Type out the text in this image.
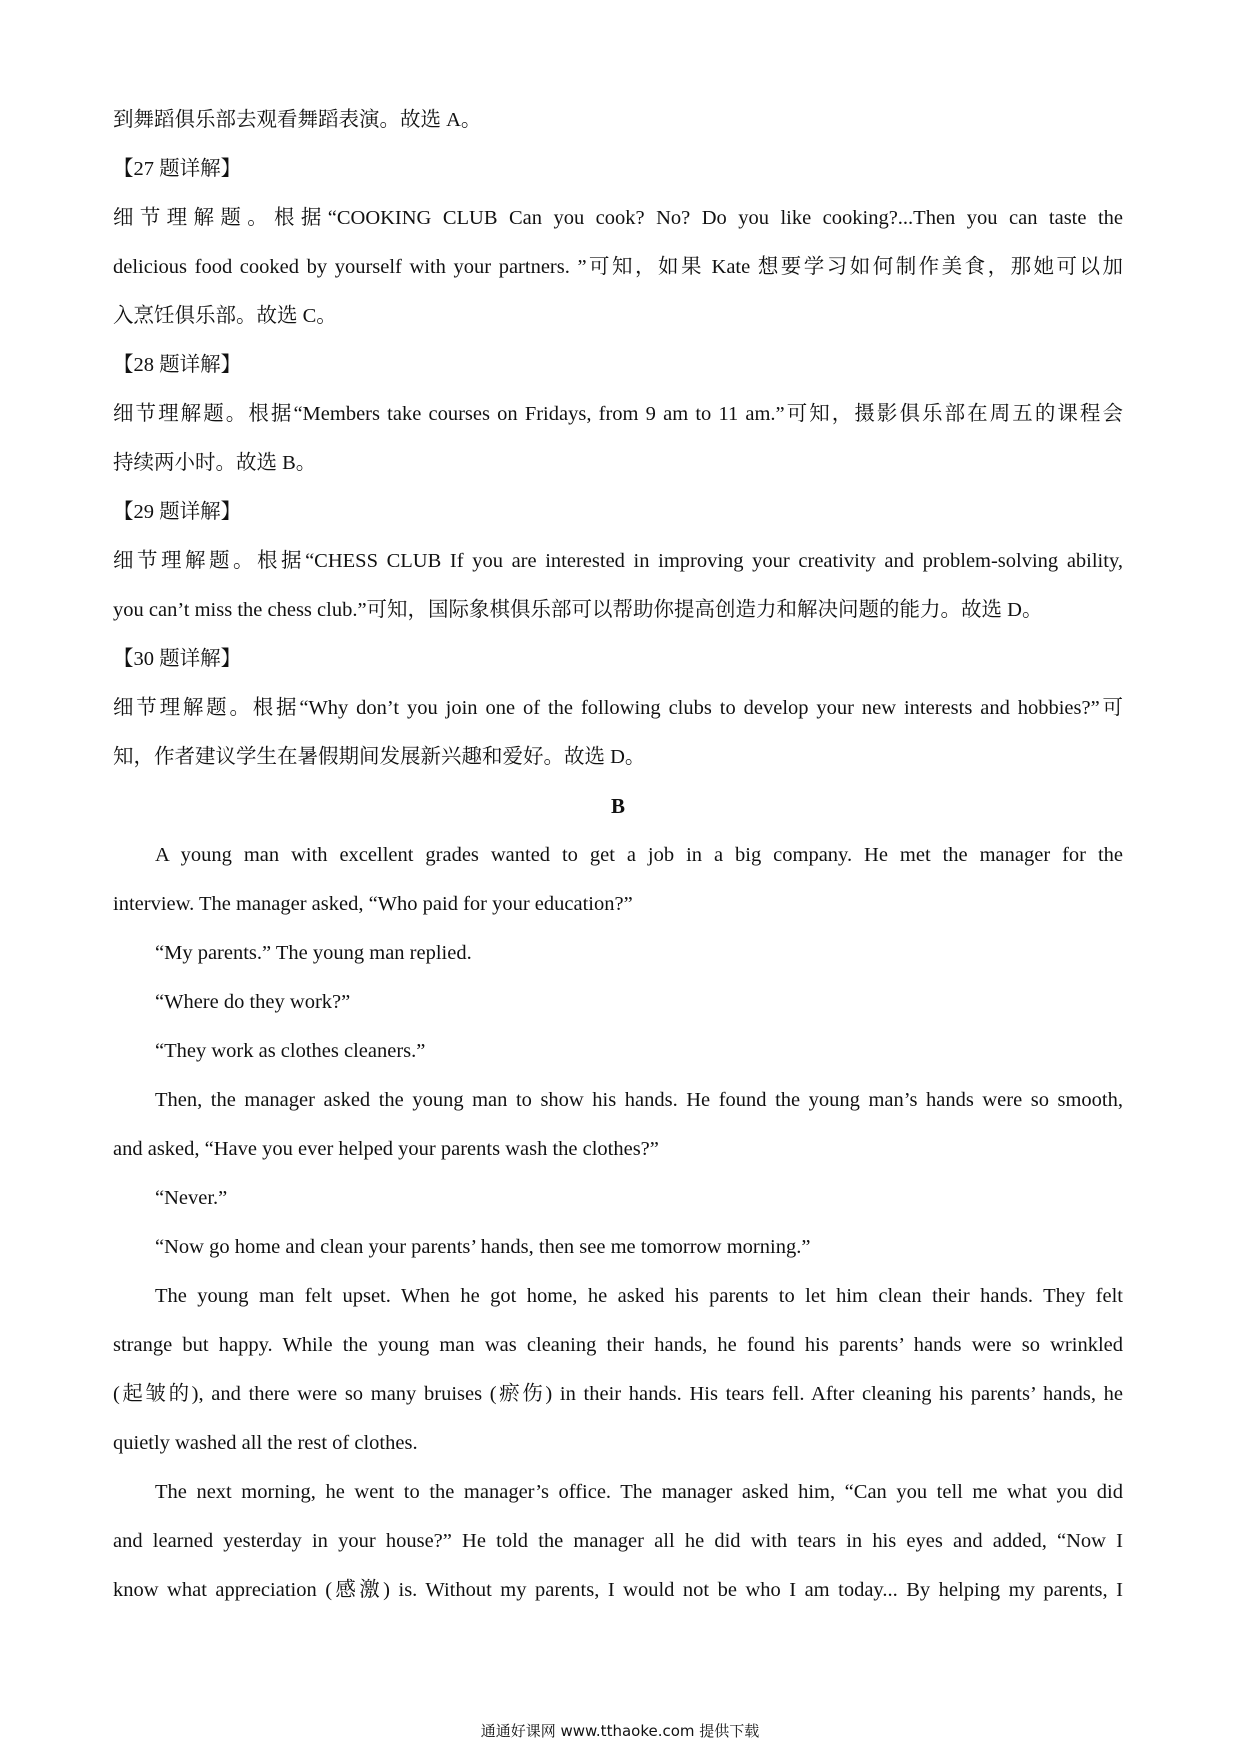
到舞蹈俱乐部去观看舞蹈表演。故选 A。

【27 题详解】

细节理解题。根据“COOKING CLUB Can you cook? No? Do you like cooking?...Then you can taste the

delicious food cooked by yourself with your partners. ”可知，如果 Kate 想要学习如何制作美食，那她可以加

入烹饪俱乐部。故选 C。

【28 题详解】

细节理解题。根据“Members take courses on Fridays, from 9 am to 11 am.”可知，摄影俱乐部在周五的课程会

持续两小时。故选 B。

【29 题详解】

细节理解题。根据“CHESS CLUB If you are interested in improving your creativity and problem-solving ability,

you can’t miss the chess club.”可知，国际象棋俱乐部可以帮助你提高创造力和解决问题的能力。故选 D。

【30 题详解】

细节理解题。根据“Why don’t you join one of the following clubs to develop your new interests and hobbies?”可

知，作者建议学生在暑假期间发展新兴趣和爱好。故选 D。

B

A young man with excellent grades wanted to get a job in a big company. He met the manager for the

interview. The manager asked, “Who paid for your education?”

“My parents.” The young man replied.

“Where do they work?”

“They work as clothes cleaners.”

Then, the manager asked the young man to show his hands. He found the young man’s hands were so smooth,

and asked, “Have you ever helped your parents wash the clothes?”

“Never.”

“Now go home and clean your parents’ hands, then see me tomorrow morning.”

The young man felt upset. When he got home, he asked his parents to let him clean their hands. They felt

strange but happy. While the young man was cleaning their hands, he found his parents’ hands were so wrinkled

(起皱的), and there were so many bruises (瘀伤) in their hands. His tears fell. After cleaning his parents’ hands, he

quietly washed all the rest of clothes.

The next morning, he went to the manager’s office. The manager asked him, “Can you tell me what you did

and learned yesterday in your house?” He told the manager all he did with tears in his eyes and added, “Now I

know what appreciation (感激) is. Without my parents, I would not be who I am today... By helping my parents, I

通通好课网 www.tthaoke.com 提供下载
